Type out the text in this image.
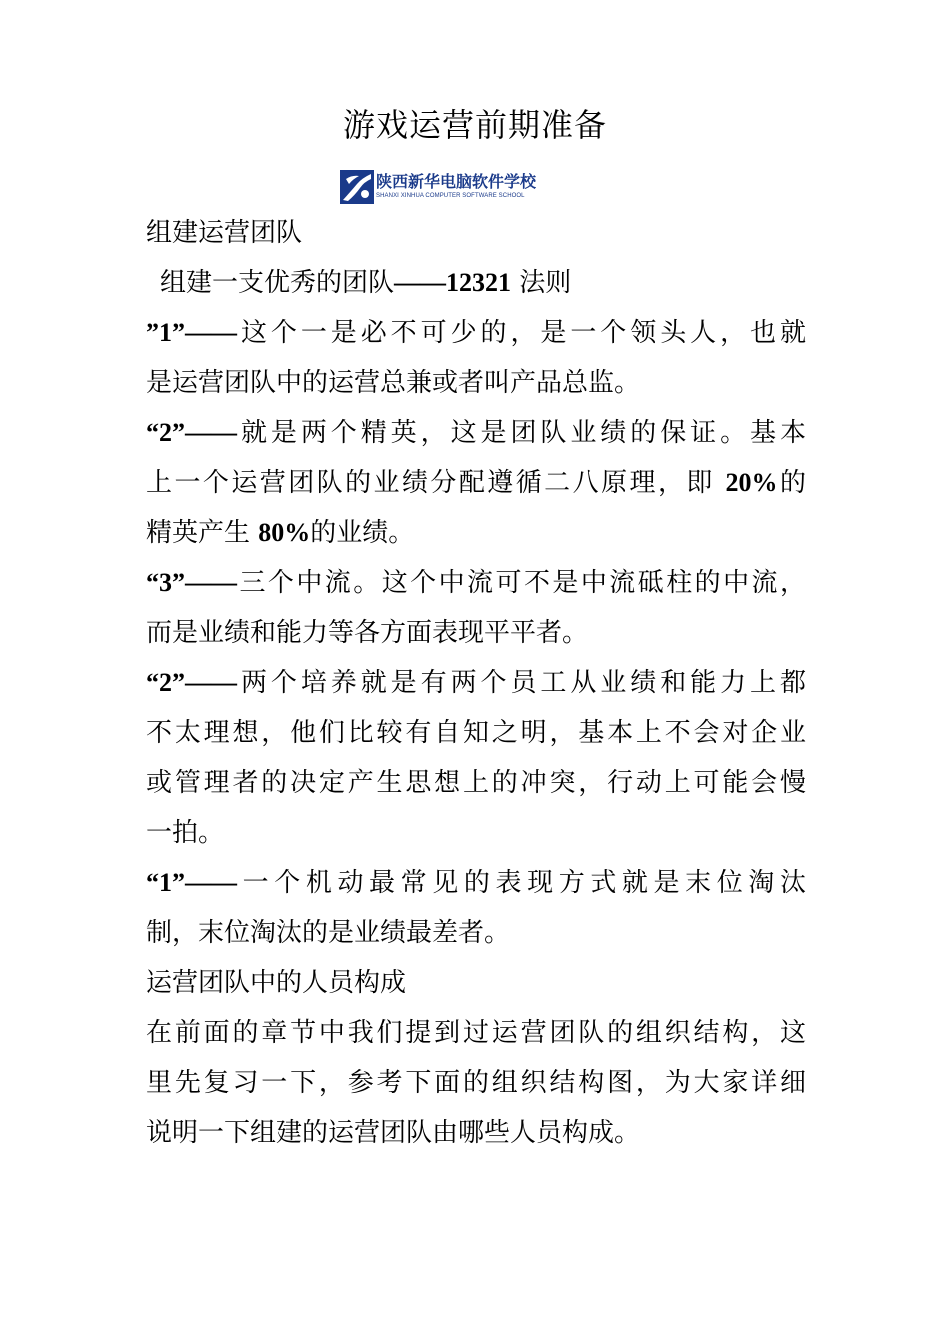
游戏运营前期准备
陕西新华电脑软件学校
SHANXI XINHUA COMPUTER SOFTWARE SCHOOL
组建运营团队
组建一支优秀的团队——12321 法则
”1”——这个一是必不可少的，是一个领头人，也就
是运营团队中的运营总兼或者叫产品总监。
“2”——就是两个精英，这是团队业绩的保证。基本
上一个运营团队的业绩分配遵循二八原理，即 20%的
精英产生 80%的业绩。
“3”——三个中流。这个中流可不是中流砥柱的中流，
而是业绩和能力等各方面表现平平者。
“2”——两个培养就是有两个员工从业绩和能力上都
不太理想，他们比较有自知之明，基本上不会对企业
或管理者的决定产生思想上的冲突，行动上可能会慢
一拍。
“1”——一个机动最常见的表现方式就是末位淘汰
制，末位淘汰的是业绩最差者。
运营团队中的人员构成
在前面的章节中我们提到过运营团队的组织结构，这
里先复习一下，参考下面的组织结构图，为大家详细
说明一下组建的运营团队由哪些人员构成。
